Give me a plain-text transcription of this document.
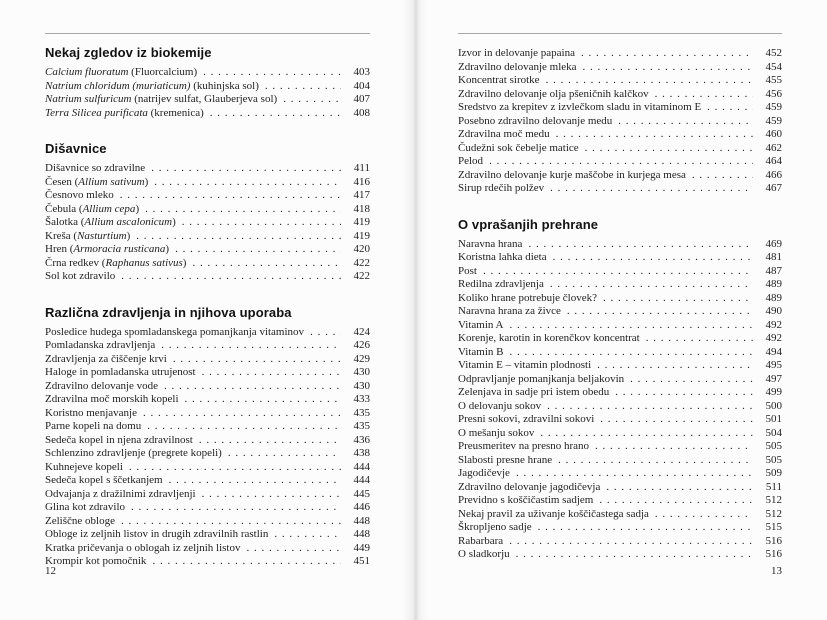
Nekaj zgledov iz biokemije
Calcium fluoratum (Fluorcalcium) . . .	403
Natrium chloridum (muriaticum) (kuhinjska sol) . . .	404
Natrium sulfuricum (natrijev sulfat, Glauberjeva sol) . . .	407
Terra Silicea purificata (kremenica) . . .	408
Dišavnice
Dišavnice so zdravilne . . .	411
Česen (Allium sativum) . . .	416
Česnovo mleko . . .	417
Čebula (Allium cepa) . . .	418
Šalotka (Allium ascalonicum) . . .	419
Kreša (Nasturtium) . . .	419
Hren (Armoracia rusticana) . . .	420
Črna redkev (Raphanus sativus) . . .	422
Sol kot zdravilo . . .	422
Različna zdravljenja in njihova uporaba
Posledice hudega spomladanskega pomanjkanja vitaminov . . .	424
Pomladanska zdravljenja . . .	426
Zdravljenja za čiščenje krvi . . .	429
Haloge in pomladanska utrujenost . . .	430
Zdravilno delovanje vode . . .	430
Zdravilna moč morskih kopeli . . .	433
Koristno menjavanje . . .	435
Parne kopeli na domu . . .	435
Sedeča kopel in njena zdravilnost . . .	436
Schlenzino zdravljenje (pregrete kopeli) . . .	438
Kuhnejeve kopeli . . .	444
Sedeča kopel s ščetkanjem . . .	444
Odvajanja z dražilnimi zdravljenji . . .	445
Glina kot zdravilo . . .	446
Zeliščne obloge . . .	448
Obloge iz zeljnih listov in drugih zdravilnih rastlin . . .	448
Kratka pričevanja o oblogah iz zeljnih listov . . .	449
Krompir kot pomočnik . . .	451
12
Izvor in delovanje papaina . . .	452
Zdravilno delovanje mleka . . .	454
Koncentrat sirotke . . .	455
Zdravilno delovanje olja pšeničnih kalčkov . . .	456
Sredstvo za krepitev z izvlečkom sladu in vitaminom E . . .	459
Posebno zdravilno delovanje medu . . .	459
Zdravilna moč medu . . .	460
Čudežni sok čebelje matice . . .	462
Pelod . . .	464
Zdravilno delovanje kurje maščobe in kurjega mesa . . .	466
Sirup rdečih polžev . . .	467
O vprašanjih prehrane
Naravna hrana . . .	469
Koristna lahka dieta . . .	481
Post . . .	487
Redilna zdravljenja . . .	489
Koliko hrane potrebuje človek? . . .	489
Naravna hrana za živce . . .	490
Vitamin A . . .	492
Korenje, karotin in korenčkov koncentrat . . .	492
Vitamin B . . .	494
Vitamin E – vitamin plodnosti . . .	495
Odpravljanje pomanjkanja beljakovin . . .	497
Zelenjava in sadje pri istem obedu . . .	499
O delovanju sokov . . .	500
Presni sokovi, zdravilni sokovi . . .	501
O mešanju sokov . . .	504
Preusmeritev na presno hrano . . .	505
Slabosti presne hrane . . .	505
Jagodičevje . . .	509
Zdravilno delovanje jagodičevja . . .	511
Previdno s koščičastim sadjem . . .	512
Nekaj pravil za uživanje koščičastega sadja . . .	512
Škropljeno sadje . . .	515
Rabarbara . . .	516
O sladkorju . . .	516
13
